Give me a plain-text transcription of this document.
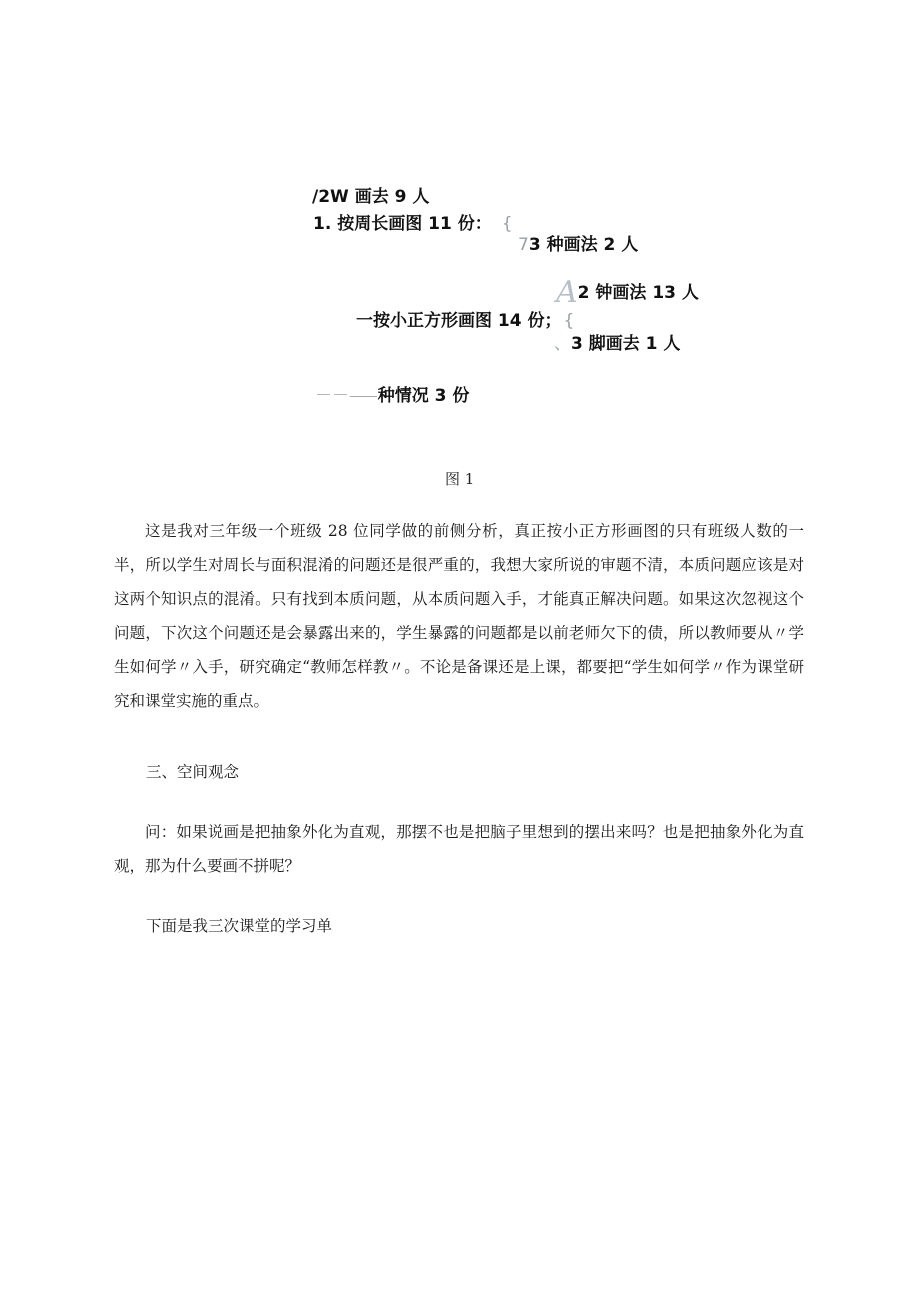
/2W 画去 9 人
1. 按周长画图 11 份： {
73 种画法 2 人
A2 钟画法 13 人
一按小正方形画图 14 份； {
、3 脚画去 1 人
－－⸺种情况 3 份
图 1

这是我对三年级一个班级 28 位同学做的前侧分析，真正按小正方形画图的只有班级人数的一半，所以学生对周长与面积混淆的问题还是很严重的，我想大家所说的审题不清，本质问题应该是对这两个知识点的混淆。只有找到本质问题，从本质问题入手，才能真正解决问题。如果这次忽视这个问题，下次这个问题还是会暴露出来的，学生暴露的问题都是以前老师欠下的债，所以教师要从〃学生如何学〃入手，研究确定“教师怎样教〃。不论是备课还是上课，都要把“学生如何学〃作为课堂研究和课堂实施的重点。

三、空间观念

问：如果说画是把抽象外化为直观，那摆不也是把脑子里想到的摆出来吗？也是把抽象外化为直观，那为什么要画不拼呢？

下面是我三次课堂的学习单
